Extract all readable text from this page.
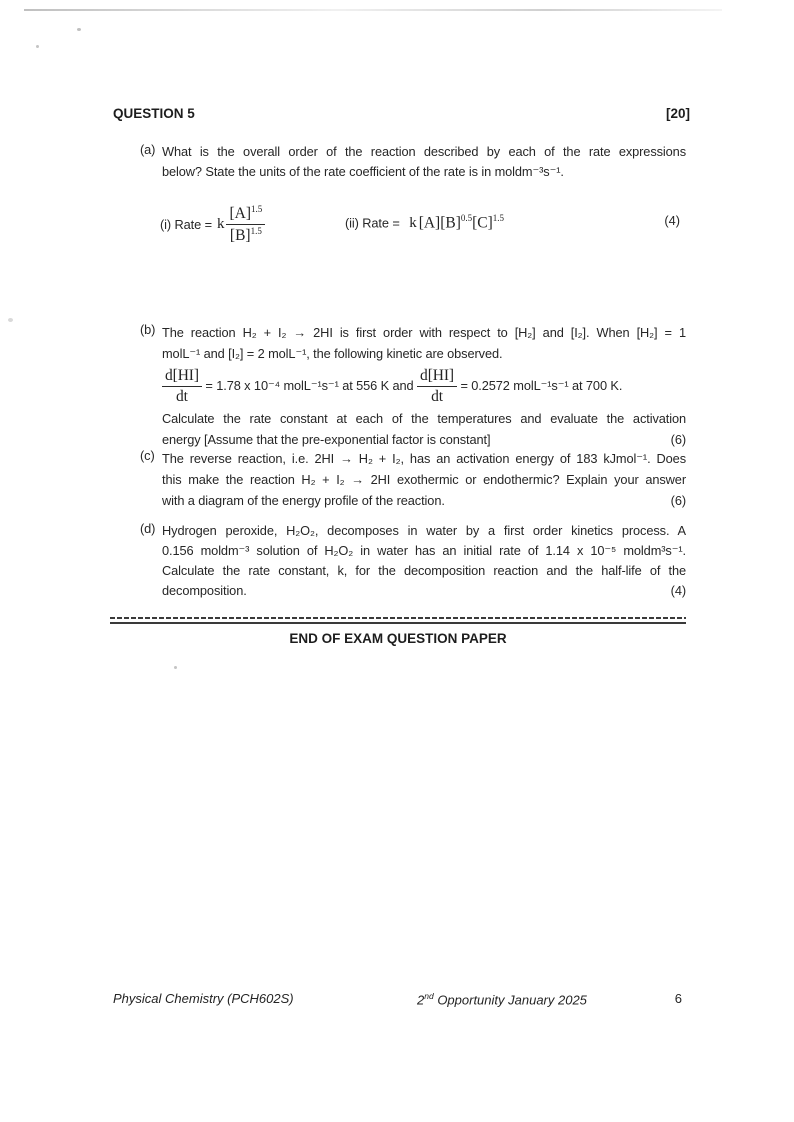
QUESTION 5	[20]
(a) What is the overall order of the reaction described by each of the rate expressions
below? State the units of the rate coefficient of the rate is in moldm⁻³s⁻¹.
(i) Rate = k $\frac{[A]^{1.5}}{[B]^{1.5}}$	(ii) Rate = k $[A][B]^{0.5}[C]^{1.5}$	(4)
(b) The reaction H₂ + I₂ → 2HI is first order with respect to [H₂] and [I₂]. When [H₂] = 1
molL⁻¹ and [I₂] = 2 molL⁻¹, the following kinetic are observed.
$\frac{d[HI]}{dt} = 1.78$ x 10⁻⁴ molL⁻¹s⁻¹ at 556 K and $\frac{d[HI]}{dt} = 0.2572$ molL⁻¹s⁻¹ at 700 K.
Calculate the rate constant at each of the temperatures and evaluate the activation
energy [Assume that the pre-exponential factor is constant]	(6)
(c) The reverse reaction, i.e. 2HI → H₂ + I₂, has an activation energy of 183 kJmol⁻¹. Does
this make the reaction H₂ + I₂ → 2HI exothermic or endothermic? Explain your answer
with a diagram of the energy profile of the reaction.	(6)
(d) Hydrogen peroxide, H₂O₂, decomposes in water by a first order kinetics process. A
0.156 moldm⁻³ solution of H₂O₂ in water has an initial rate of 1.14 x 10⁻⁵ moldm³s⁻¹.
Calculate the rate constant, k, for the decomposition reaction and the half-life of the
decomposition.	(4)
END OF EXAM QUESTION PAPER
Physical Chemistry (PCH602S)	2nd Opportunity January 2025	6
